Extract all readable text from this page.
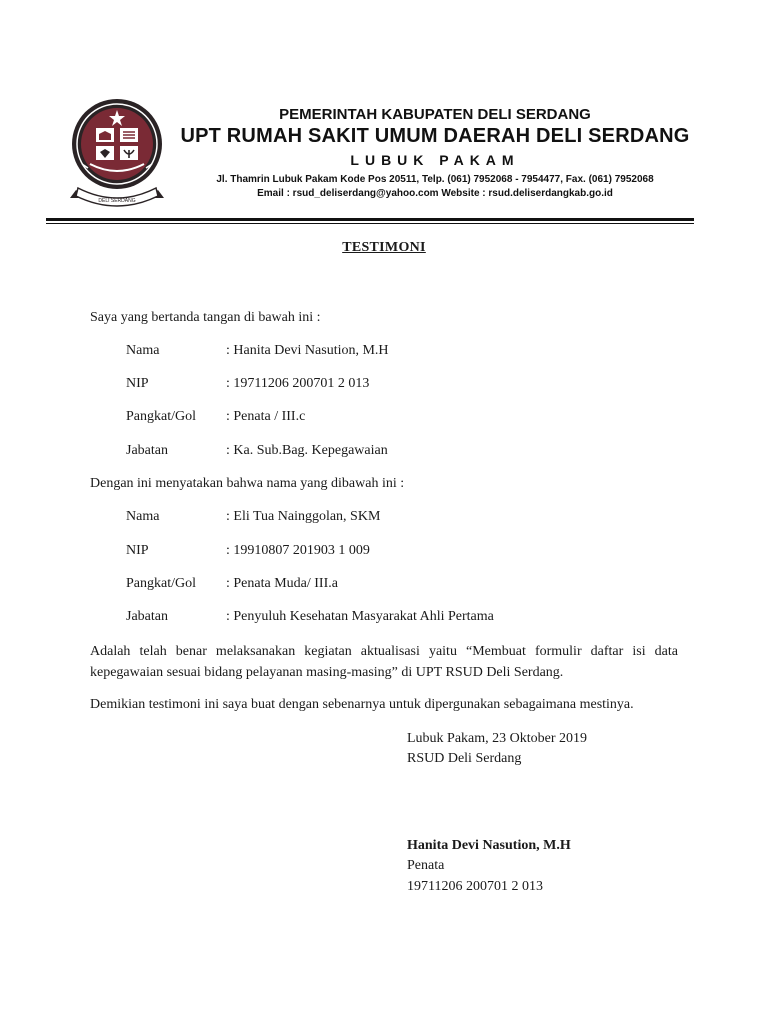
DELI SERDANG
PEMERINTAH KABUPATEN DELI SERDANG
UPT RUMAH SAKIT UMUM DAERAH DELI SERDANG
LUBUK PAKAM
Jl. Thamrin Lubuk Pakam Kode Pos 20511, Telp. (061) 7952068 - 7954477, Fax. (061) 7952068
Email : rsud_deliserdang@yahoo.com Website : rsud.deliserdangkab.go.id
TESTIMONI
Saya yang bertanda tangan di bawah ini :
Nama	: Hanita Devi Nasution, M.H
NIP	: 19711206 200701 2 013
Pangkat/Gol : Penata / III.c
Jabatan	: Ka. Sub.Bag. Kepegawaian
Dengan ini menyatakan bahwa nama yang dibawah ini :
Nama	: Eli Tua Nainggolan, SKM
NIP	: 19910807 201903 1 009
Pangkat/Gol : Penata Muda/ III.a
Jabatan	: Penyuluh Kesehatan Masyarakat Ahli Pertama
Adalah telah benar melaksanakan kegiatan aktualisasi yaitu “Membuat formulir daftar isi data kepegawaian sesuai bidang pelayanan masing-masing” di UPT RSUD Deli Serdang.
Demikian testimoni ini saya buat dengan sebenarnya untuk dipergunakan sebagaimana mestinya.
Lubuk Pakam, 23 Oktober 2019
RSUD Deli Serdang
Hanita Devi Nasution, M.H
Penata
19711206 200701 2 013
